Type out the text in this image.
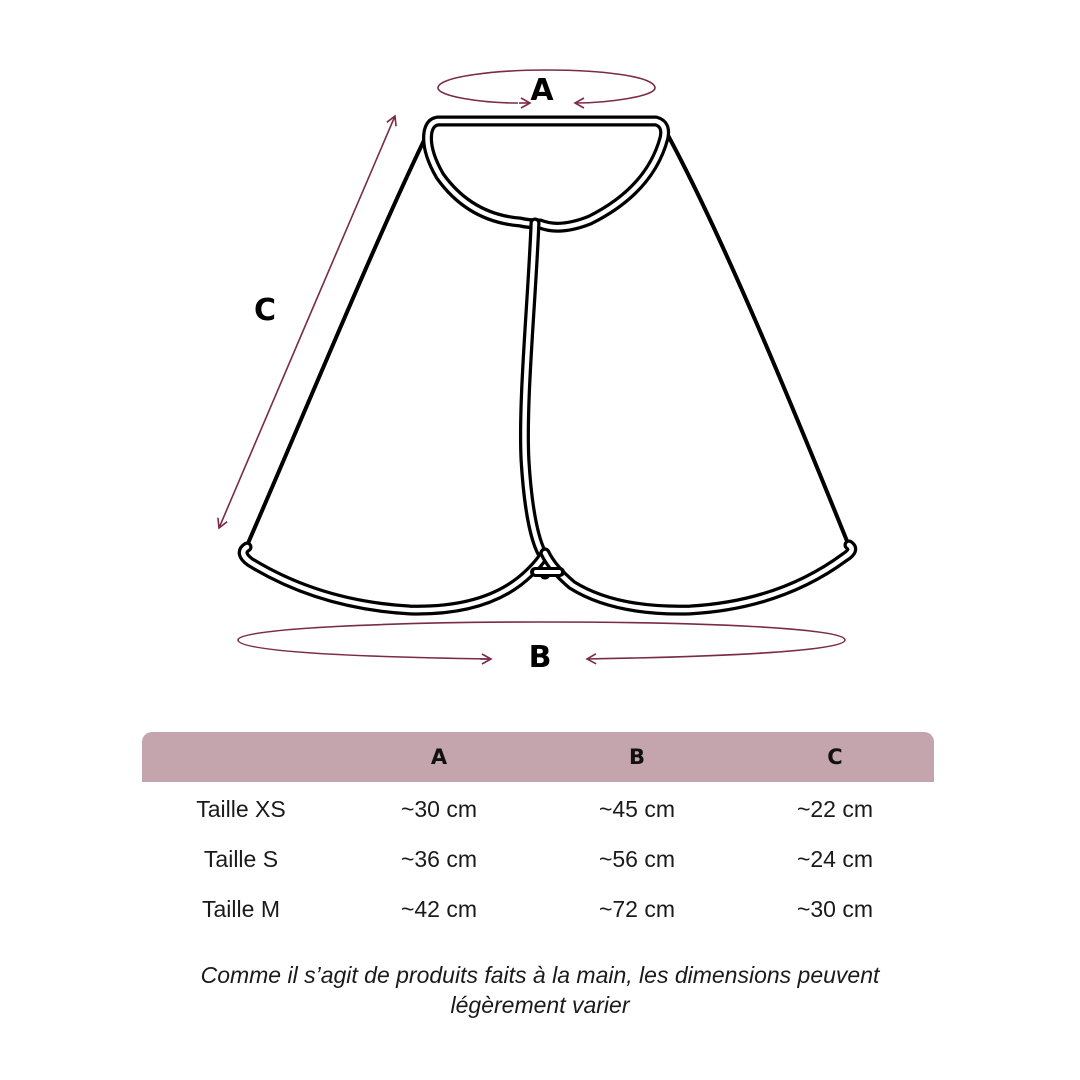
A
B
C
	A	B	C
Taille XS	~30 cm	~45 cm	~22 cm
Taille S	~36 cm	~56 cm	~24 cm
Taille M	~42 cm	~72 cm	~30 cm
Comme il s’agit de produits faits à la main, les dimensions peuvent
légèrement varier
